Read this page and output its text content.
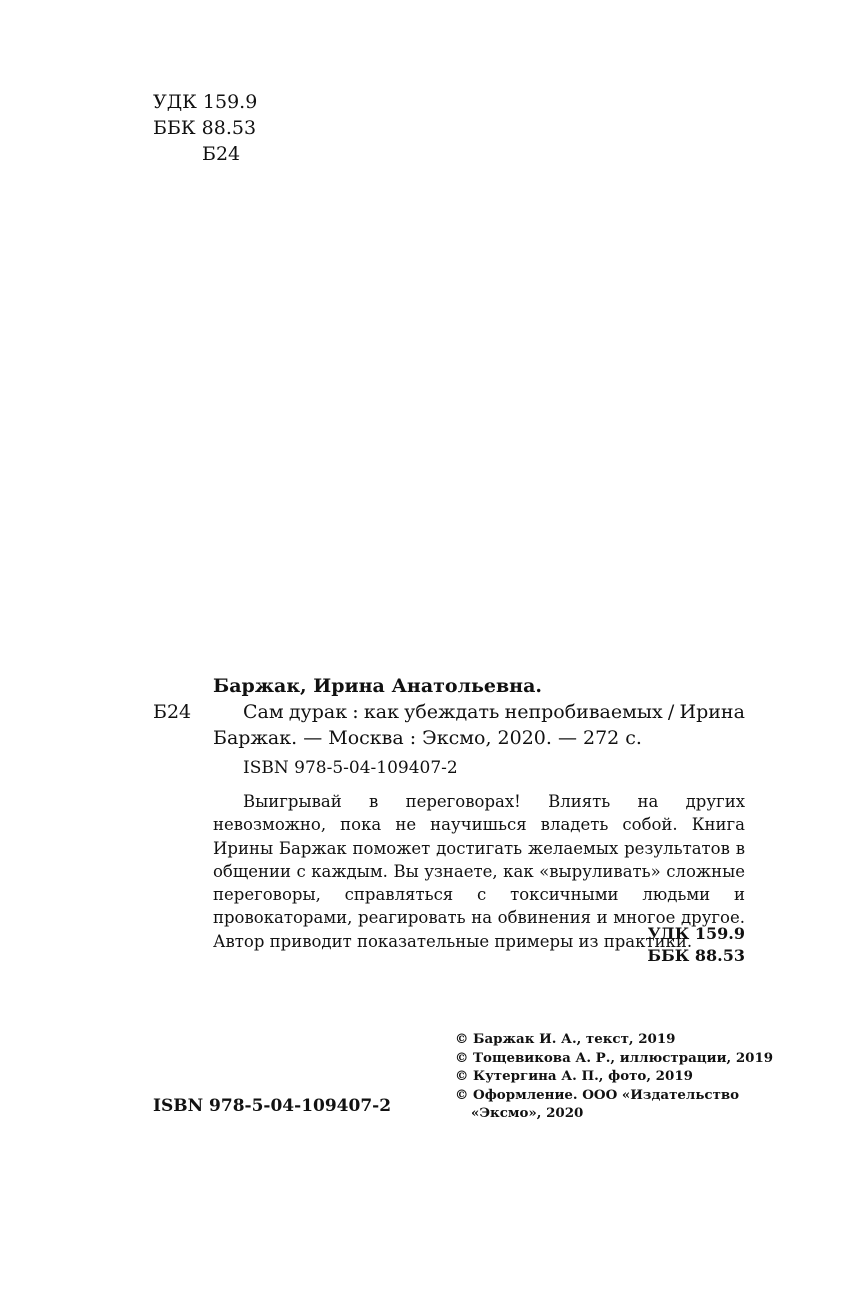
УДК 159.9
ББК 88.53
Б24
Баржак, Ирина Анатольевна.
Б24	Сам дурак : как убеждать непробиваемых / Ирина
Баржак. — Москва : Эксмо, 2020. — 272 с.
ISBN 978-5-04-109407-2
Выигрывай в переговорах! Влиять на других невозможно, пока не научишься владеть собой. Книга Ирины Баржак поможет достигать желаемых результатов в общении с каждым. Вы узнаете, как «выруливать» сложные переговоры, справляться с токсичными людьми и провокаторами, реагировать на обвинения и многое другое. Автор приводит показательные примеры из практики.
УДК 159.9
ББК 88.53
ISBN 978-5-04-109407-2
© Баржак И. А., текст, 2019
© Тощевикова А. Р., иллюстрации, 2019
© Кутергина А. П., фото, 2019
© Оформление. ООО «Издательство
«Эксмо», 2020
